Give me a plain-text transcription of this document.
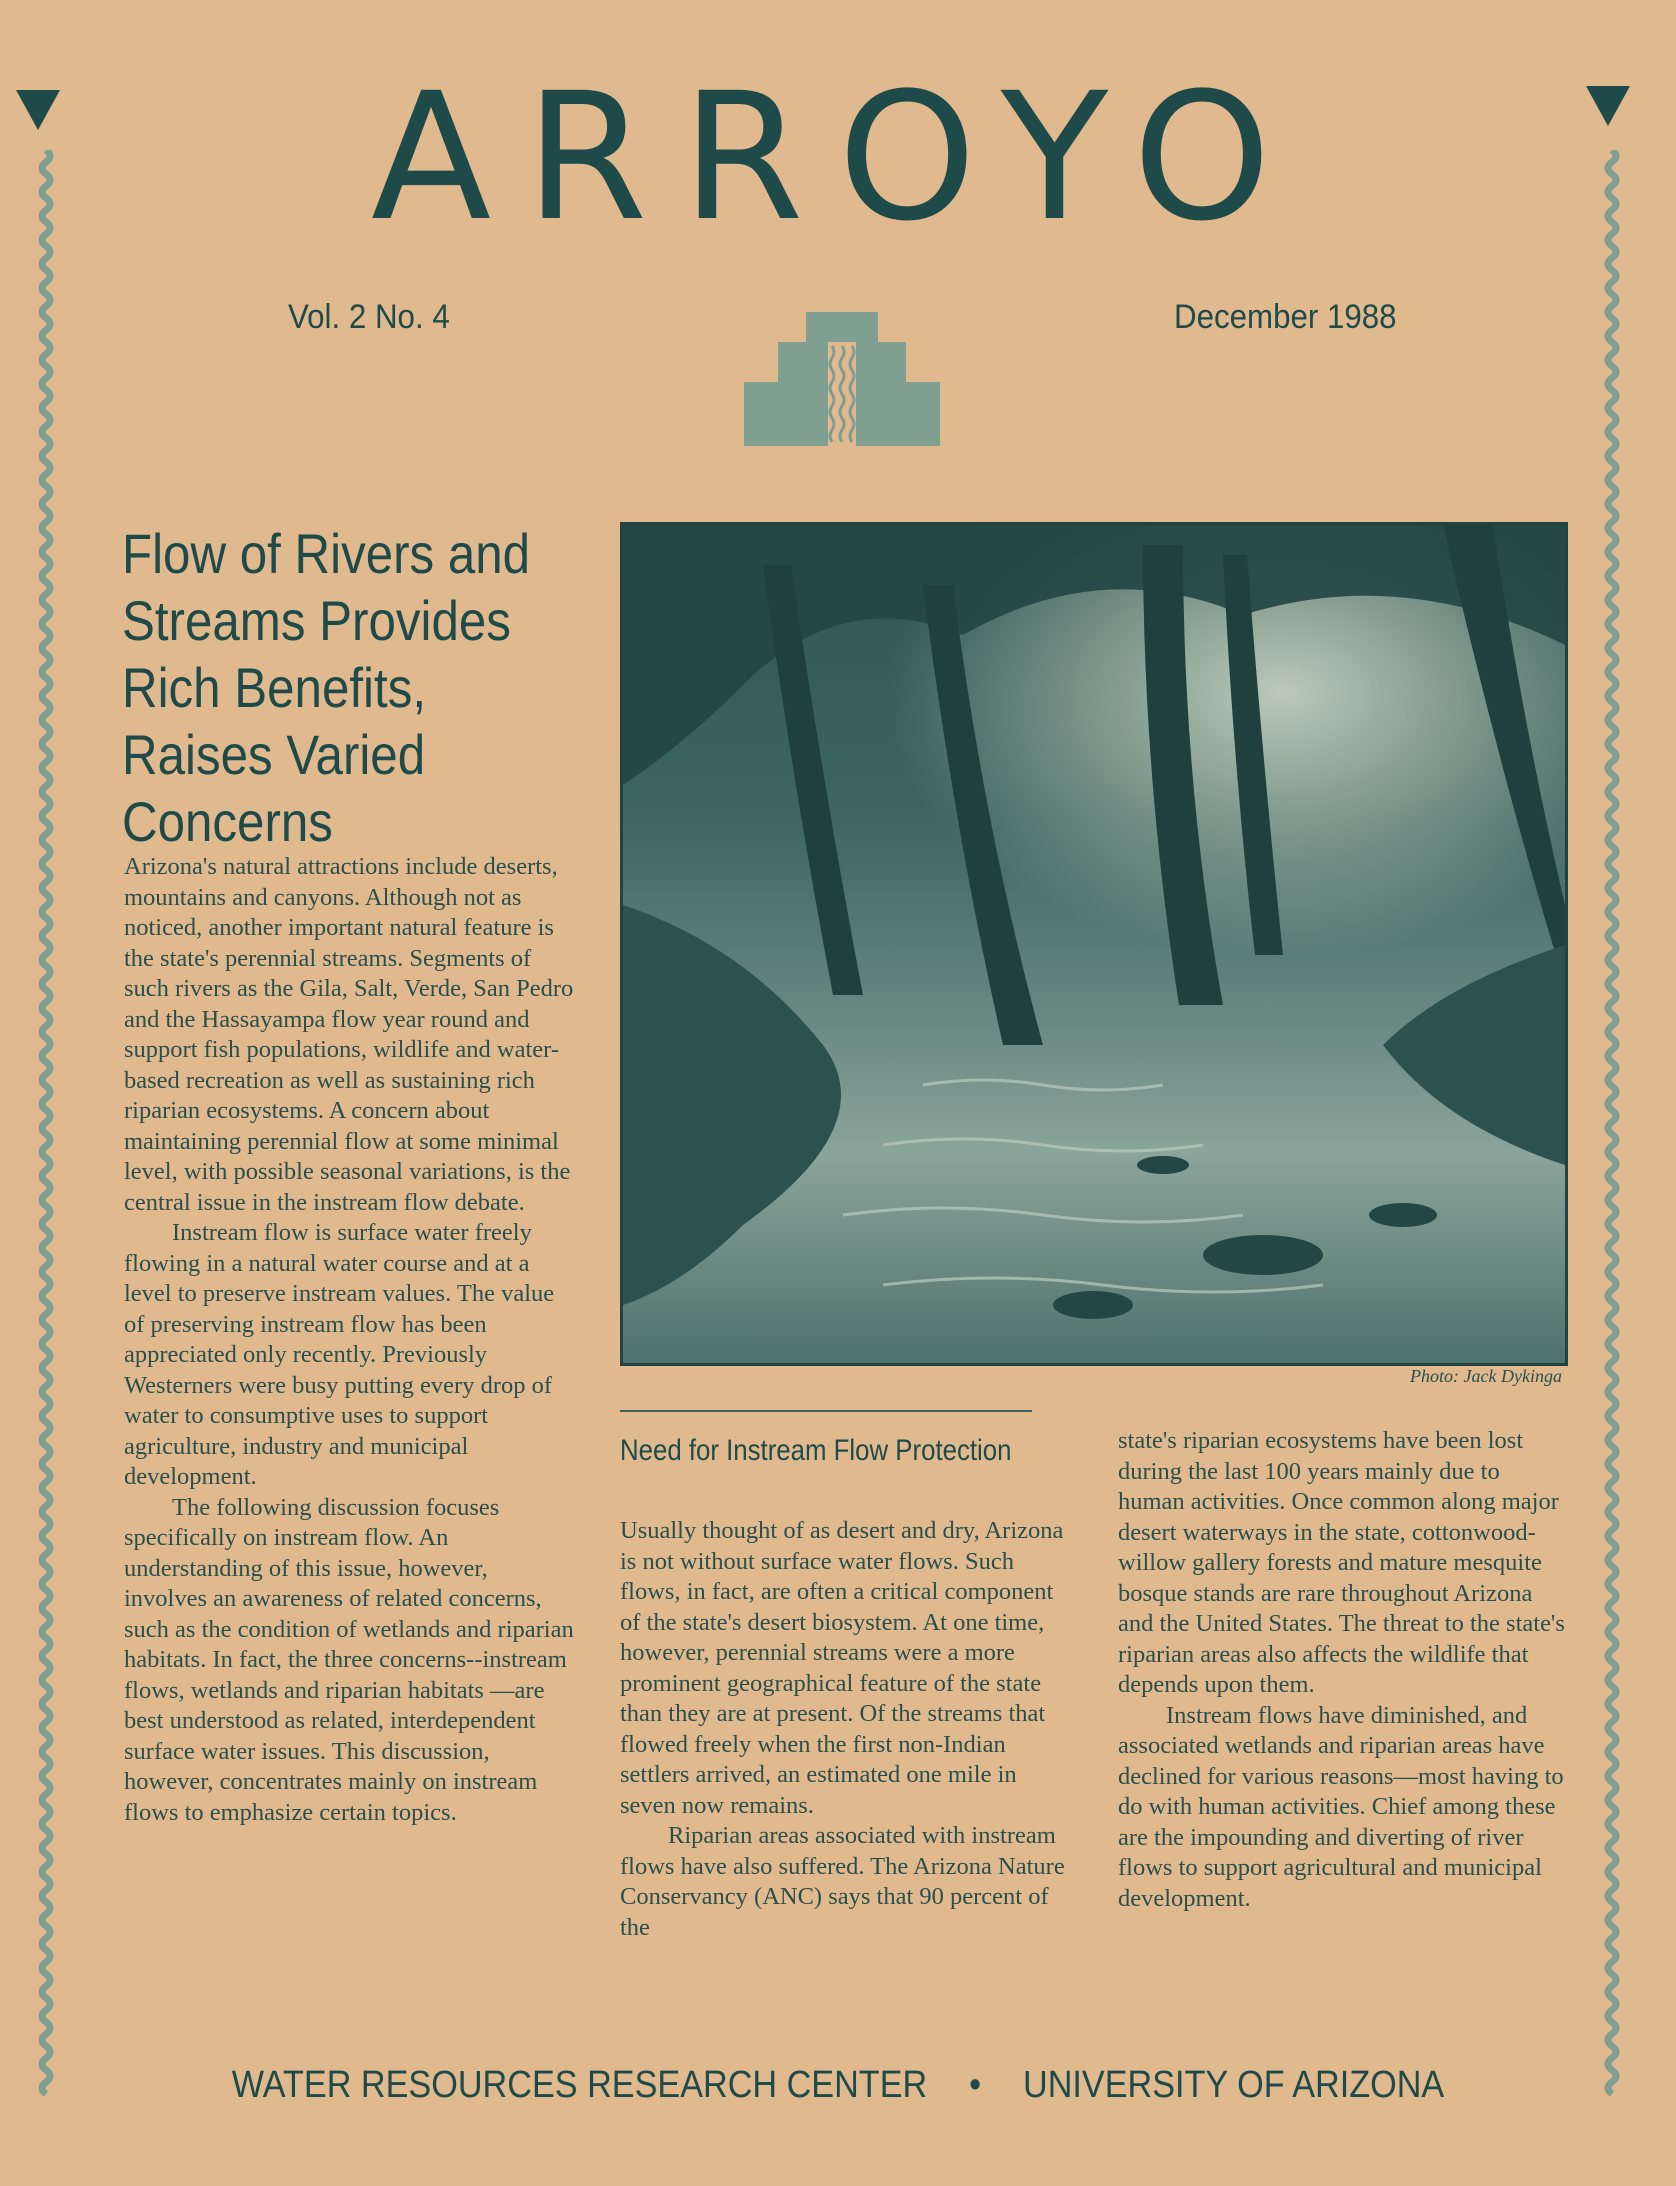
ARROYO
Vol. 2 No. 4	December 1988
Flow of Rivers and Streams Provides Rich Benefits, Raises Varied Concerns

Arizona's natural attractions include deserts, mountains and canyons. Although not as noticed, another important natural feature is the state's perennial streams. Segments of such rivers as the Gila, Salt, Verde, San Pedro and the Hassayampa flow year round and support fish populations, wildlife and water-based recreation as well as sustaining rich riparian ecosystems. A concern about maintaining perennial flow at some minimal level, with possible seasonal variations, is the central issue in the instream flow debate.

Instream flow is surface water freely flowing in a natural water course and at a level to preserve instream values. The value of preserving instream flow has been appreciated only recently. Previously Westerners were busy putting every drop of water to consumptive uses to support agriculture, industry and municipal development.

The following discussion focuses specifically on instream flow. An understanding of this issue, however, involves an awareness of related concerns, such as the condition of wetlands and riparian habitats. In fact, the three concerns--instream flows, wetlands and riparian habitats —are best understood as related, interdependent surface water issues. This discussion, however, concentrates mainly on instream flows to emphasize certain topics.

Photo: Jack Dykinga
Need for Instream Flow Protection

Usually thought of as desert and dry, Arizona is not without surface water flows. Such flows, in fact, are often a critical component of the state's desert biosystem. At one time, however, perennial streams were a more prominent geographical feature of the state than they are at present. Of the streams that flowed freely when the first non-Indian settlers arrived, an estimated one mile in seven now remains.

Riparian areas associated with instream flows have also suffered. The Arizona Nature Conservancy (ANC) says that 90 percent of the

state's riparian ecosystems have been lost during the last 100 years mainly due to human activities. Once common along major desert waterways in the state, cottonwood-willow gallery forests and mature mesquite bosque stands are rare throughout Arizona and the United States. The threat to the state's riparian areas also affects the wildlife that depends upon them.

Instream flows have diminished, and associated wetlands and riparian areas have declined for various reasons—most having to do with human activities. Chief among these are the impounding and diverting of river flows to support agricultural and municipal development.

WATER RESOURCES RESEARCH CENTER • UNIVERSITY OF ARIZONA
